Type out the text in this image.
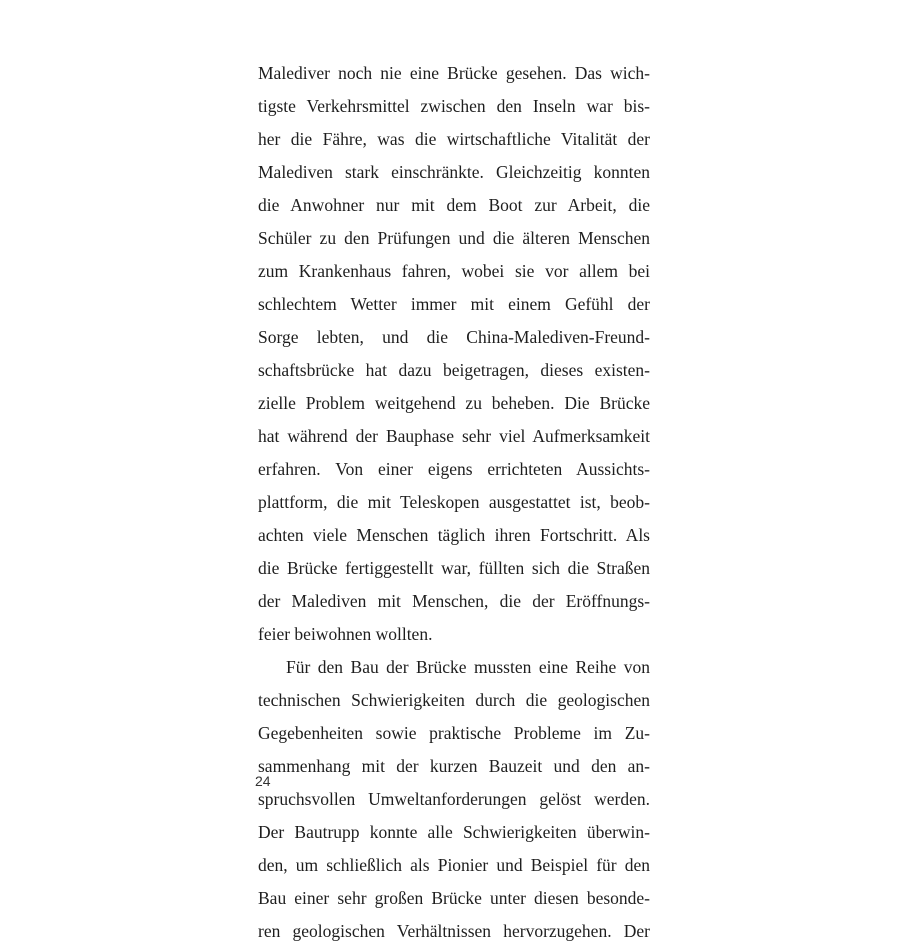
Malediver noch nie eine Brücke gesehen. Das wich-
tigste Verkehrsmittel zwischen den Inseln war bis-
her die Fähre, was die wirtschaftliche Vitalität der
Malediven stark einschränkte. Gleichzeitig konnten
die Anwohner nur mit dem Boot zur Arbeit, die
Schüler zu den Prüfungen und die älteren Menschen
zum Krankenhaus fahren, wobei sie vor allem bei
schlechtem Wetter immer mit einem Gefühl der
Sorge lebten, und die China-Malediven-Freund-
schaftsbrücke hat dazu beigetragen, dieses existen-
zielle Problem weitgehend zu beheben. Die Brücke
hat während der Bauphase sehr viel Aufmerksamkeit
erfahren. Von einer eigens errichteten Aussichts-
plattform, die mit Teleskopen ausgestattet ist, beob-
achten viele Menschen täglich ihren Fortschritt. Als
die Brücke fertiggestellt war, füllten sich die Straßen
der Malediven mit Menschen, die der Eröffnungs-
feier beiwohnen wollten.
Für den Bau der Brücke mussten eine Reihe von
technischen Schwierigkeiten durch die geologischen
Gegebenheiten sowie praktische Probleme im Zu-
sammenhang mit der kurzen Bauzeit und den an-
spruchsvollen Umweltanforderungen gelöst werden.
Der Bautrupp konnte alle Schwierigkeiten überwin-
den, um schließlich als Pionier und Beispiel für den
Bau einer sehr großen Brücke unter diesen besonde-
ren geologischen Verhältnissen hervorzugehen. Der
24
